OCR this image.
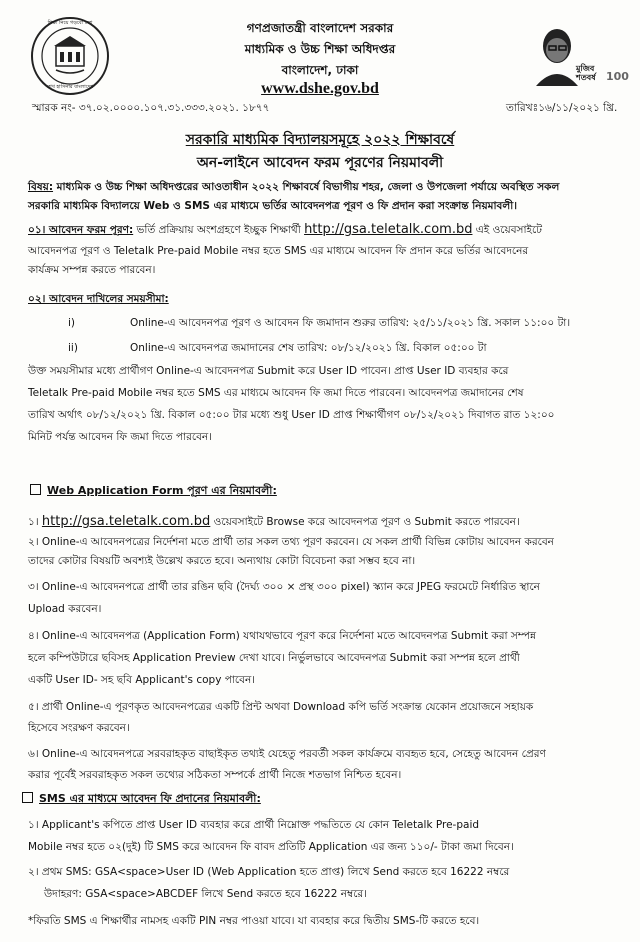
শিক্ষা নিয়ে গড়বো দেশ
শেখ হাসিনার বাংলাদেশ
গণপ্রজাতন্ত্রী বাংলাদেশ সরকার
মাধ্যমিক ও উচ্চ শিক্ষা অধিদপ্তর
বাংলাদেশ, ঢাকা
www.dshe.gov.bd
মুজিব শতবর্ষ 100
স্মারক নং- ৩৭.০২.০০০০.১০৭.৩১.৩৩৩.২০২১. ১৮৭৭	তারিখঃ১৬/১১/২০২১ খ্রি.
সরকারি মাধ্যমিক বিদ্যালয়সমূহে ২০২২ শিক্ষাবর্ষে
অন-লাইনে আবেদন ফরম পূরণের নিয়মাবলী
বিষয়: মাধ্যমিক ও উচ্চ শিক্ষা অধিদপ্তরের আওতাধীন ২০২২ শিক্ষাবর্ষে বিভাগীয় শহর, জেলা ও উপজেলা পর্যায়ে অবস্থিত সকল
সরকারি মাধ্যমিক বিদ্যালয়ে Web ও SMS এর মাধ্যমে ভর্তির আবেদনপত্র পূরণ ও ফি প্রদান করা সংক্রান্ত নিয়মাবলী।
০১। আবেদন ফরম পূরণ: ভর্তি প্রক্রিয়ায় অংশগ্রহণে ইচ্ছুক শিক্ষার্থী http://gsa.teletalk.com.bd এই ওয়েবসাইটে
আবেদনপত্র পূরণ ও Teletalk Pre-paid Mobile নম্বর হতে SMS এর মাধ্যমে আবেদন ফি প্রদান করে ভর্তির আবেদনের
কার্যক্রম সম্পন্ন করতে পারবেন।
০২। আবেদন দাখিলের সময়সীমা:
i)	Online-এ আবেদনপত্র পূরণ ও আবেদন ফি জমাদান শুরুর তারিখ: ২৫/১১/২০২১ খ্রি. সকাল ১১:০০ টা।
ii)	Online-এ আবেদনপত্র জমাদানের শেষ তারিখ: ০৮/১২/২০২১ খ্রি. বিকাল ০৫:০০ টা
উক্ত সময়সীমার মধ্যে প্রার্থীগণ Online-এ আবেদনপত্র Submit করে User ID পাবেন। প্রাপ্ত User ID ব্যবহার করে
Teletalk Pre-paid Mobile নম্বর হতে SMS এর মাধ্যমে আবেদন ফি জমা দিতে পারবেন। আবেদনপত্র জমাদানের শেষ
তারিখ অর্থাৎ ০৮/১২/২০২১ খ্রি. বিকাল ০৫:০০ টার মধ্যে শুধু User ID প্রাপ্ত শিক্ষার্থীগণ ০৮/১২/২০২১ দিবাগত রাত ১২:০০
মিনিট পর্যন্ত আবেদন ফি জমা দিতে পারবেন।
Web Application Form পূরণ এর নিয়মাবলী:
১। http://gsa.teletalk.com.bd ওয়েবসাইটে Browse করে আবেদনপত্র পূরণ ও Submit করতে পারবেন।
২। Online-এ আবেদনপত্রের নির্দেশনা মতে প্রার্থী তার সকল তথ্য পূরণ করবেন। যে সকল প্রার্থী বিভিন্ন কোটায় আবেদন করবেন
তাদের কোটার বিষয়টি অবশ্যই উল্লেখ করতে হবে। অন্যথায় কোটা বিবেচনা করা সম্ভব হবে না।
৩। Online-এ আবেদনপত্রে প্রার্থী তার রঙিন ছবি (দৈর্ঘ্য ৩০০ × প্রস্থ ৩০০ pixel) স্ক্যান করে JPEG ফরমেটে নির্ধারিত স্থানে
Upload করবেন।
৪। Online-এ আবেদনপত্র (Application Form) যথাযথভাবে পূরণ করে নির্দেশনা মতে আবেদনপত্র Submit করা সম্পন্ন
হলে কম্পিউটারে ছবিসহ Application Preview দেখা যাবে। নির্ভুলভাবে আবেদনপত্র Submit করা সম্পন্ন হলে প্রার্থী
একটি User ID- সহ ছবি Applicant's copy পাবেন।
৫। প্রার্থী Online-এ পূরণকৃত আবেদনপত্রের একটি প্রিন্ট অথবা Download কপি ভর্তি সংক্রান্ত যেকোন প্রয়োজনে সহায়ক
হিসেবে সংরক্ষণ করবেন।
৬। Online-এ আবেদনপত্রে সরবরাহকৃত বাছাইকৃত তথ্যই যেহেতু পরবর্তী সকল কার্যক্রমে ব্যবহৃত হবে, সেহেতু আবেদন প্রেরণ
করার পূর্বেই সরবরাহকৃত সকল তথ্যের সঠিকতা সম্পর্কে প্রার্থী নিজে শতভাগ নিশ্চিত হবেন।
SMS এর মাধ্যমে আবেদন ফি প্রদানের নিয়মাবলী:
১। Applicant's কপিতে প্রাপ্ত User ID ব্যবহার করে প্রার্থী নিম্নোক্ত পদ্ধতিতে যে কোন Teletalk Pre-paid
Mobile নম্বর হতে ০২(দুই) টি SMS করে আবেদন ফি বাবদ প্রতিটি Application এর জন্য ১১০/- টাকা জমা দিবেন।
২। প্রথম SMS: GSA<space>User ID (Web Application হতে প্রাপ্ত) লিখে Send করতে হবে 16222 নম্বরে
উদাহরণ: GSA<space>ABCDEF লিখে Send করতে হবে 16222 নম্বরে।
*ফিরতি SMS এ শিক্ষার্থীর নামসহ একটি PIN নম্বর পাওয়া যাবে। যা ব্যবহার করে দ্বিতীয় SMS-টি করতে হবে।
